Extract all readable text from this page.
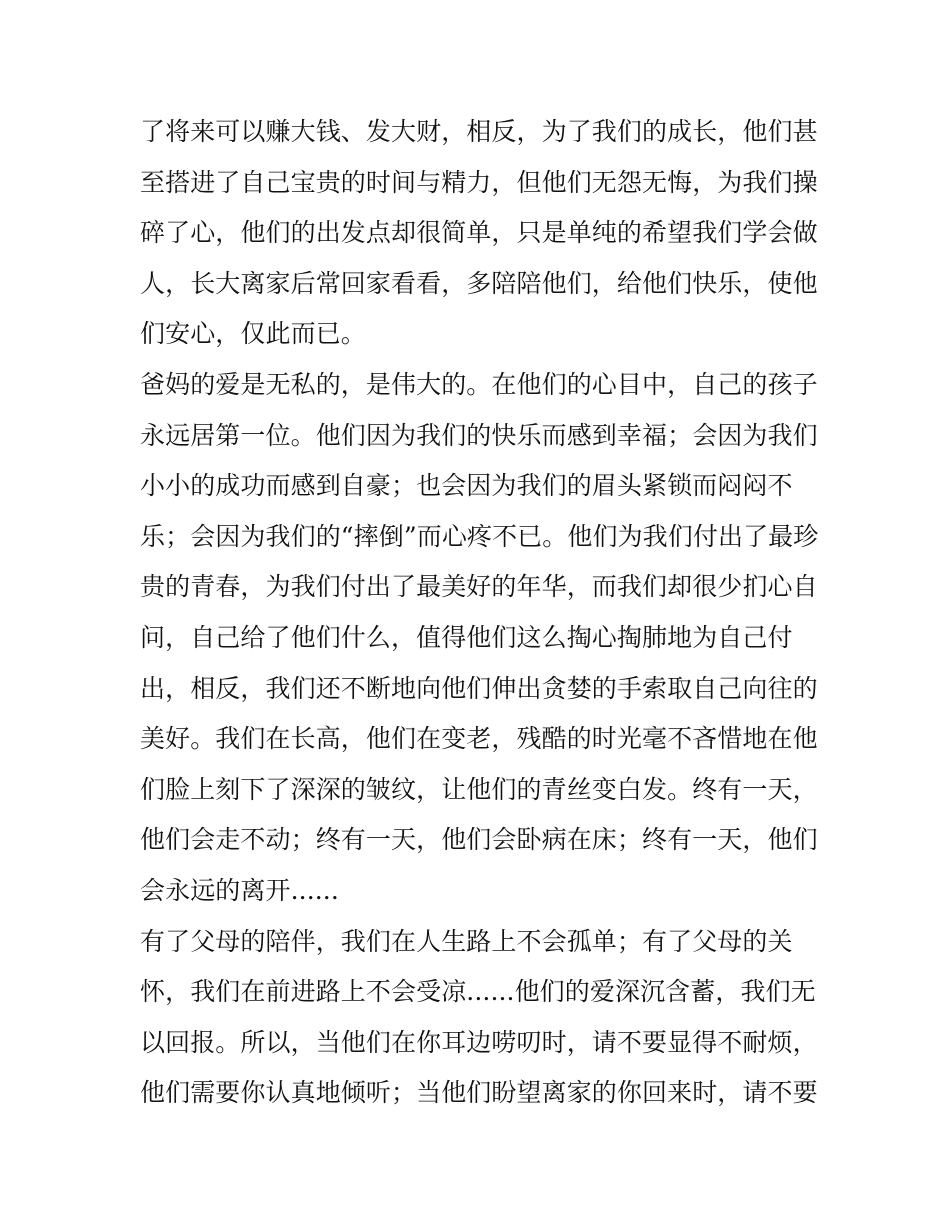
了将来可以赚大钱、发大财，相反，为了我们的成长，他们甚
至搭进了自己宝贵的时间与精力，但他们无怨无悔，为我们操
碎了心，他们的出发点却很简单，只是单纯的希望我们学会做
人，长大离家后常回家看看，多陪陪他们，给他们快乐，使他
们安心，仅此而已。
爸妈的爱是无私的，是伟大的。在他们的心目中，自己的孩子
永远居第一位。他们因为我们的快乐而感到幸福；会因为我们
小小的成功而感到自豪；也会因为我们的眉头紧锁而闷闷不
乐；会因为我们的“摔倒”而心疼不已。他们为我们付出了最珍
贵的青春，为我们付出了最美好的年华，而我们却很少扪心自
问，自己给了他们什么，值得他们这么掏心掏肺地为自己付
出，相反，我们还不断地向他们伸出贪婪的手索取自己向往的
美好。我们在长高，他们在变老，残酷的时光毫不吝惜地在他
们脸上刻下了深深的皱纹，让他们的青丝变白发。终有一天，
他们会走不动；终有一天，他们会卧病在床；终有一天，他们
会永远的离开......
有了父母的陪伴，我们在人生路上不会孤单；有了父母的关
怀，我们在前进路上不会受凉......他们的爱深沉含蓄，我们无
以回报。所以，当他们在你耳边唠叨时，请不要显得不耐烦，
他们需要你认真地倾听；当他们盼望离家的你回来时，请不要
